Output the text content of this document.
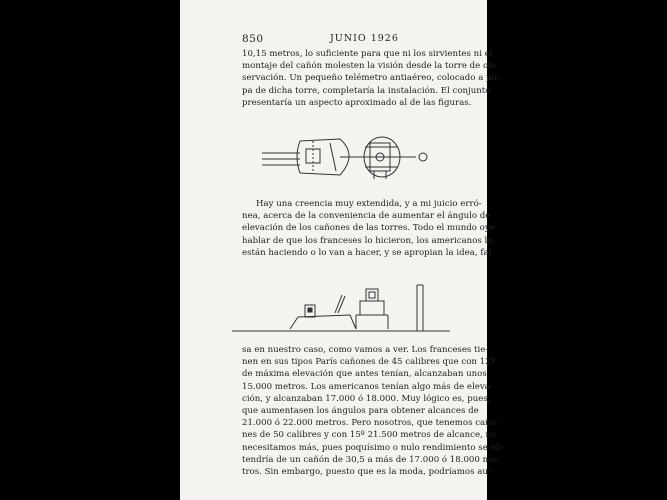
850	JUNIO 1926

10,15 metros, lo suficiente para que ni los sirvientes ni el
montaje del cañón molesten la visión desde la torre de ob-
servación. Un pequeño telémetro antiaéreo, colocado a po-
pa de dicha torre, completaría la instalación. El conjunto
presentaría un aspecto aproximado al de las figuras.

Hay una creencia muy extendida, y a mi juicio erró-
nea, acerca de la conveniencia de aumentar el ángulo de
elevación de los cañones de las torres. Todo el mundo oye
hablar de que los franceses lo hicieron, los americanos lo
están haciendo o lo van a hacer, y se apropian la idea, fal-

sa en nuestro caso, como vamos a ver. Los franceses tie-
nen en sus tipos París cañones de 45 calibres que con 12º
de máxima elevación que antes tenían, alcanzaban unos
15.000 metros. Los americanos tenían algo más de eleva-
ción, y alcanzaban 17.000 ó 18.000. Muy lógico es, pues,
que aumentasen los ángulos para obtener alcances de
21.000 ó 22.000 metros. Pero nosotros, que tenemos caño-
nes de 50 calibres y con 15º 21.500 metros de alcance, no
necesitamos más, pues poquísimo o nulo rendimiento se ob-
tendría de un cañón de 30,5 a más de 17.000 ó 18.000 me-
tros. Sin embargo, puesto que es la moda, podríamos au-
